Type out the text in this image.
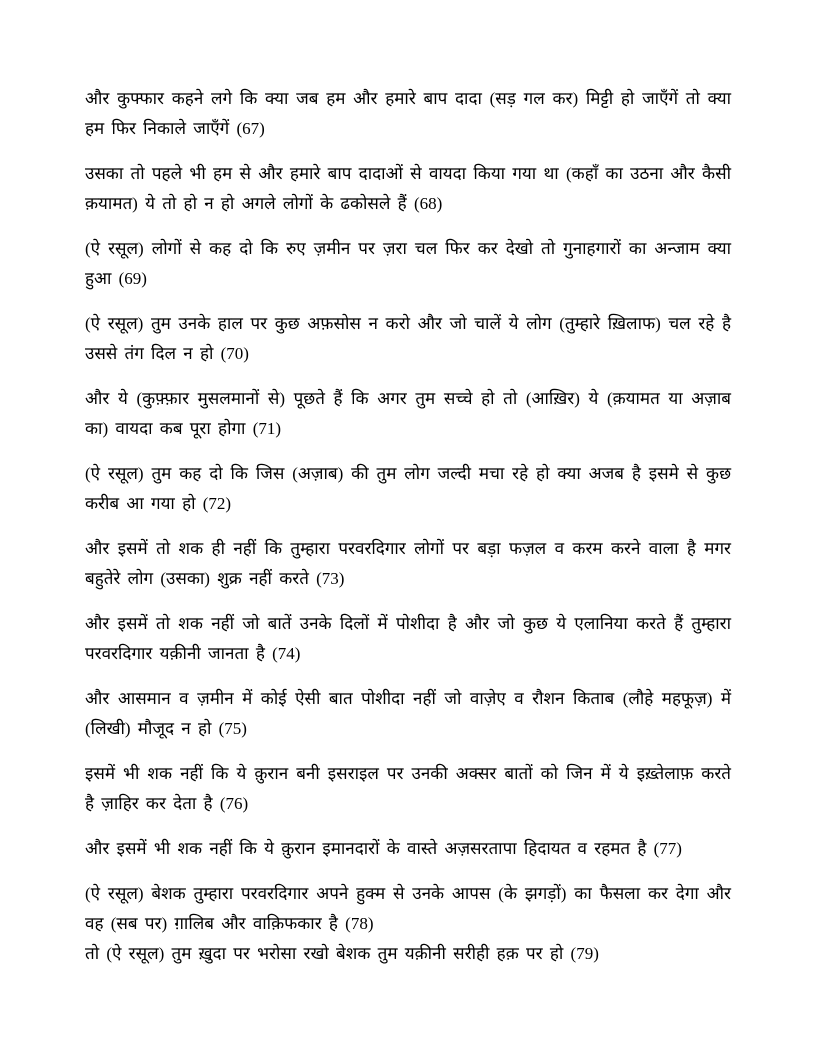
और कुफ्फार कहने लगे कि क्या जब हम और हमारे बाप दादा (सड़ गल कर) मिट्टी हो जाएँगें तो क्या हम फिर निकाले जाएँगें (67)

उसका तो पहले भी हम से और हमारे बाप दादाओं से वायदा किया गया था (कहाँ का उठना और कैसी क़यामत) ये तो हो न हो अगले लोगों के ढकोसले हैं (68)

(ऐ रसूल) लोगों से कह दो कि रुए ज़मीन पर ज़रा चल फिर कर देखो तो गुनाहगारों का अन्जाम क्या हुआ (69)

(ऐ रसूल) तुम उनके हाल पर कुछ अफ़सोस न करो और जो चालें ये लोग (तुम्हारे ख़िलाफ) चल रहे है उससे तंग दिल न हो (70)

और ये (कुफ़्फ़ार मुसलमानों से) पूछते हैं कि अगर तुम सच्चे हो तो (आख़िर) ये (क़यामत या अज़ाब का) वायदा कब पूरा होगा (71)

(ऐ रसूल) तुम कह दो कि जिस (अज़ाब) की तुम लोग जल्दी मचा रहे हो क्या अजब है इसमे से कुछ करीब आ गया हो (72)

और इसमें तो शक ही नहीं कि तुम्हारा परवरदिगार लोगों पर बड़ा फज़ल व करम करने वाला है मगर बहुतेरे लोग (उसका) शुक्र नहीं करते (73)

और इसमें तो शक नहीं जो बातें उनके दिलों में पोशीदा है और जो कुछ ये एलानिया करते हैं तुम्हारा परवरदिगार यक़ीनी जानता है (74)

और आसमान व ज़मीन में कोई ऐसी बात पोशीदा नहीं जो वाज़ेए व रौशन किताब (लौहे महफूज़) में (लिखी) मौजूद न हो (75)

इसमें भी शक नहीं कि ये क़ुरान बनी इसराइल पर उनकी अक्सर बातों को जिन में ये इख़्तेलाफ़ करते है ज़ाहिर कर देता है (76)

और इसमें भी शक नहीं कि ये क़ुरान इमानदारों के वास्ते अज़सरतापा हिदायत व रहमत है (77)

(ऐ रसूल) बेशक तुम्हारा परवरदिगार अपने हुक्म से उनके आपस (के झगड़ों) का फैसला कर देगा और वह (सब पर) ग़ालिब और वाक़िफकार है (78)

तो (ऐ रसूल) तुम ख़ुदा पर भरोसा रखो बेशक तुम यक़ीनी सरीही हक़ पर हो (79)
